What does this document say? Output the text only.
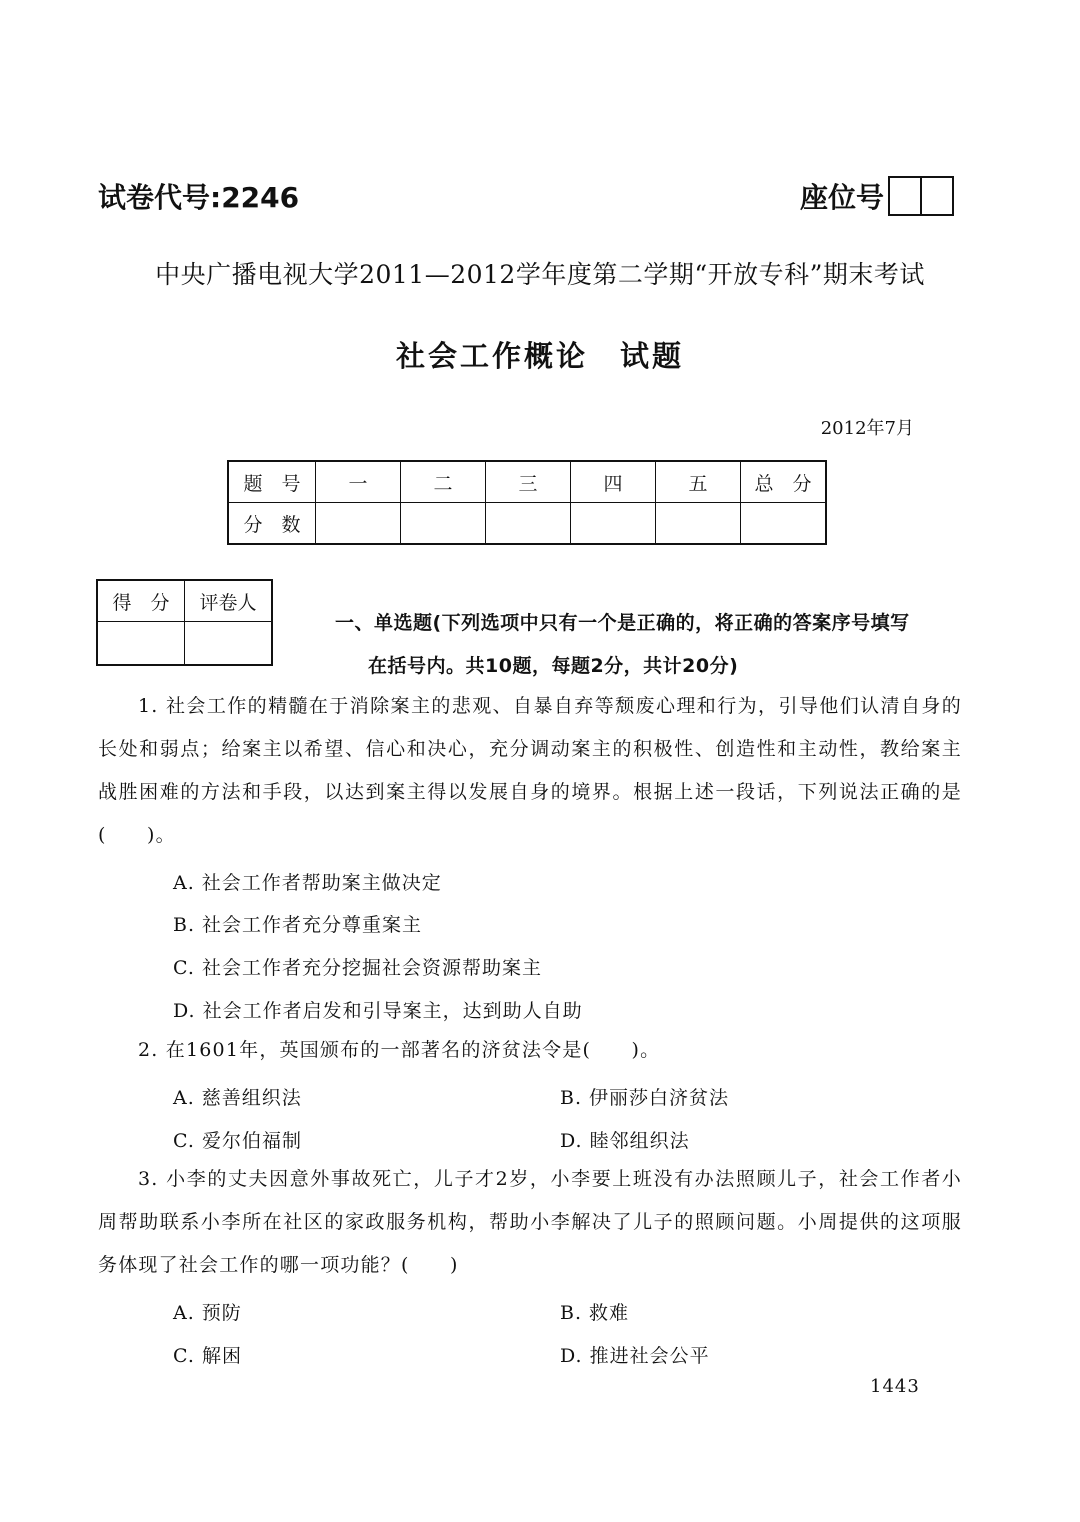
试卷代号:2246	座位号
中央广播电视大学2011—2012学年度第二学期“开放专科”期末考试
社会工作概论　试题
2012年7月
题　号	一	二	三	四	五	总　分
分　数						
得　分	评卷人

一、单选题(下列选项中只有一个是正确的，将正确的答案序号填写
在括号内。共10题，每题2分，共计20分)
1. 社会工作的精髓在于消除案主的悲观、自暴自弃等颓废心理和行为，引导他们认清自身的长处和弱点；给案主以希望、信心和决心，充分调动案主的积极性、创造性和主动性，教给案主战胜困难的方法和手段，以达到案主得以发展自身的境界。根据上述一段话，下列说法正确的是(　　)。
A. 社会工作者帮助案主做决定
B. 社会工作者充分尊重案主
C. 社会工作者充分挖掘社会资源帮助案主
D. 社会工作者启发和引导案主，达到助人自助
2. 在1601年，英国颁布的一部著名的济贫法令是(　　)。
A. 慈善组织法	B. 伊丽莎白济贫法
C. 爱尔伯福制	D. 睦邻组织法
3. 小李的丈夫因意外事故死亡，儿子才2岁，小李要上班没有办法照顾儿子，社会工作者小周帮助联系小李所在社区的家政服务机构，帮助小李解决了儿子的照顾问题。小周提供的这项服务体现了社会工作的哪一项功能？(　　)
A. 预防	B. 救难
C. 解困	D. 推进社会公平
1443
